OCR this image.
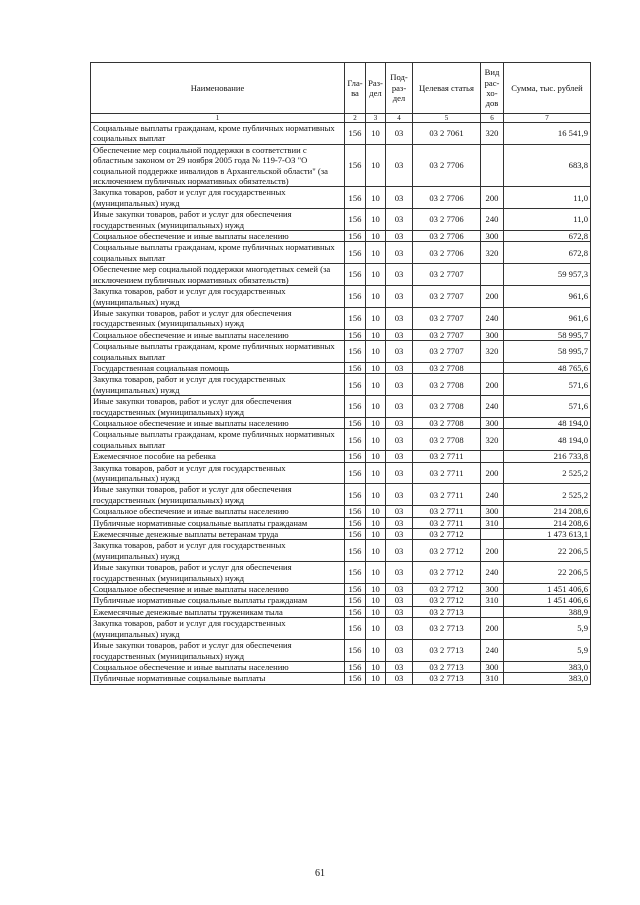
Наименование	Гла-ва	Раз-дел	Под-раз-дел	Целевая статья	Вид рас-хо-дов	Сумма, тыс. рублей
1	2	3	4	5	6	7
Социальные выплаты гражданам, кроме публичных нормативных социальных выплат	156	10	03	03 2 7061	320	16 541,9
Обеспечение мер социальной поддержки в соответствии с областным законом от 29 ноября 2005 года № 119-7-ОЗ "О социальной поддержке инвалидов в Архангельской области" (за исключением публичных нормативных обязательств)	156	10	03	03 2 7706		683,8
Закупка товаров, работ и услуг для государственных (муниципальных) нужд	156	10	03	03 2 7706	200	11,0
Иные закупки товаров, работ и услуг для обеспечения государственных (муниципальных) нужд	156	10	03	03 2 7706	240	11,0
Социальное обеспечение и иные выплаты населению	156	10	03	03 2 7706	300	672,8
Социальные выплаты гражданам, кроме публичных нормативных социальных выплат	156	10	03	03 2 7706	320	672,8
Обеспечение мер социальной поддержки многодетных семей (за исключением публичных нормативных обязательств)	156	10	03	03 2 7707		59 957,3
Закупка товаров, работ и услуг для государственных (муниципальных) нужд	156	10	03	03 2 7707	200	961,6
Иные закупки товаров, работ и услуг для обеспечения государственных (муниципальных) нужд	156	10	03	03 2 7707	240	961,6
Социальное обеспечение и иные выплаты населению	156	10	03	03 2 7707	300	58 995,7
Социальные выплаты гражданам, кроме публичных нормативных социальных выплат	156	10	03	03 2 7707	320	58 995,7
Государственная социальная помощь	156	10	03	03 2 7708		48 765,6
Закупка товаров, работ и услуг для государственных (муниципальных) нужд	156	10	03	03 2 7708	200	571,6
Иные закупки товаров, работ и услуг для обеспечения государственных (муниципальных) нужд	156	10	03	03 2 7708	240	571,6
Социальное обеспечение и иные выплаты населению	156	10	03	03 2 7708	300	48 194,0
Социальные выплаты гражданам, кроме публичных нормативных социальных выплат	156	10	03	03 2 7708	320	48 194,0
Ежемесячное пособие на ребенка	156	10	03	03 2 7711		216 733,8
Закупка товаров, работ и услуг для государственных (муниципальных) нужд	156	10	03	03 2 7711	200	2 525,2
Иные закупки товаров, работ и услуг для обеспечения государственных (муниципальных) нужд	156	10	03	03 2 7711	240	2 525,2
Социальное обеспечение и иные выплаты населению	156	10	03	03 2 7711	300	214 208,6
Публичные нормативные социальные выплаты гражданам	156	10	03	03 2 7711	310	214 208,6
Ежемесячные денежные выплаты ветеранам труда	156	10	03	03 2 7712		1 473 613,1
Закупка товаров, работ и услуг для государственных (муниципальных) нужд	156	10	03	03 2 7712	200	22 206,5
Иные закупки товаров, работ и услуг для обеспечения государственных (муниципальных) нужд	156	10	03	03 2 7712	240	22 206,5
Социальное обеспечение и иные выплаты населению	156	10	03	03 2 7712	300	1 451 406,6
Публичные нормативные социальные выплаты гражданам	156	10	03	03 2 7712	310	1 451 406,6
Ежемесячные денежные выплаты труженикам тыла	156	10	03	03 2 7713		388,9
Закупка товаров, работ и услуг для государственных (муниципальных) нужд	156	10	03	03 2 7713	200	5,9
Иные закупки товаров, работ и услуг для обеспечения государственных (муниципальных) нужд	156	10	03	03 2 7713	240	5,9
Социальное обеспечение и иные выплаты населению	156	10	03	03 2 7713	300	383,0
Публичные нормативные социальные выплаты	156	10	03	03 2 7713	310	383,0
61
